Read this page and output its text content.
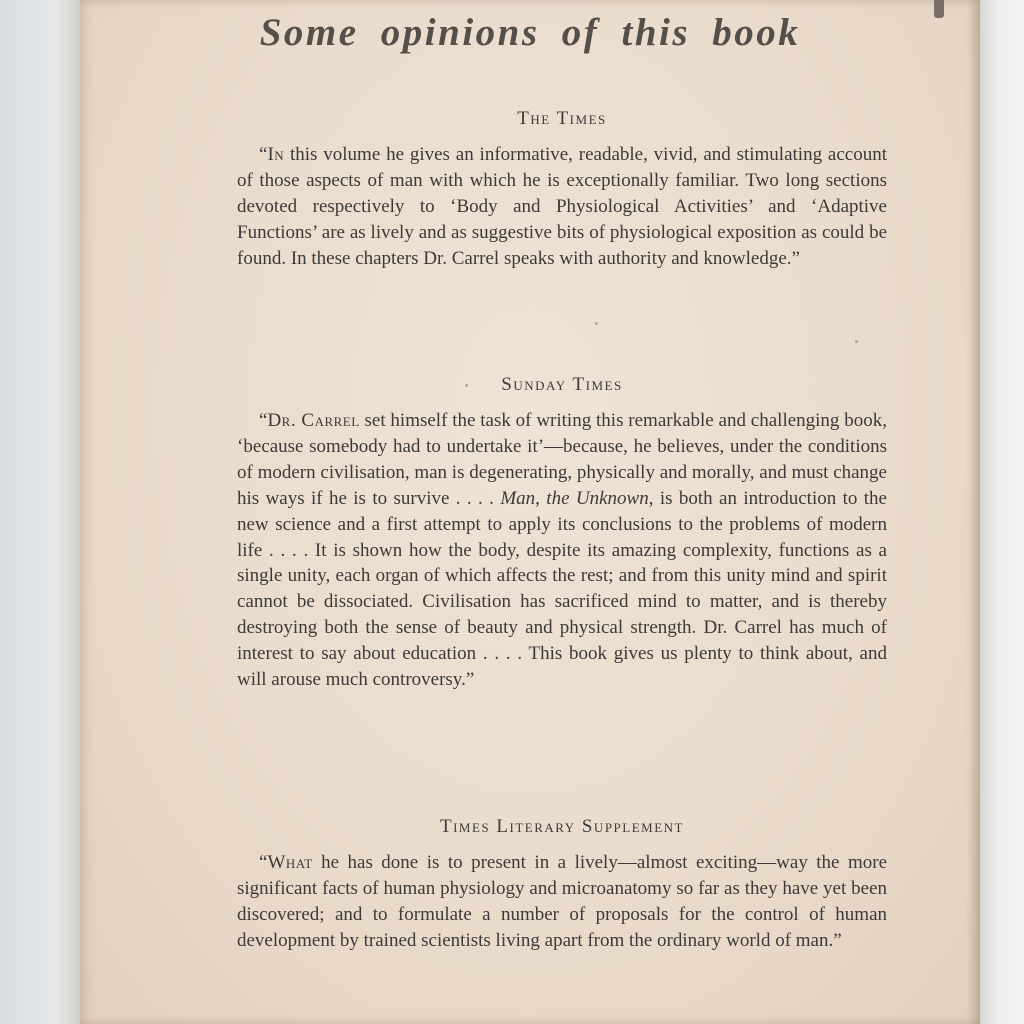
Some opinions of this book
The Times

“In this volume he gives an informative, readable, vivid, and stimulating account of those aspects of man with which he is exceptionally familiar. Two long sections devoted respectively to ‘Body and Physiological Activities’ and ‘Adaptive Functions’ are as lively and as suggestive bits of physiological exposition as could be found. In these chapters Dr. Carrel speaks with authority and knowledge.”

Sunday Times

“Dr. Carrel set himself the task of writing this remarkable and challenging book, ‘because somebody had to undertake it’—because, he believes, under the conditions of modern civilisation, man is degenerating, physically and morally, and must change his ways if he is to survive . . . . Man, the Unknown, is both an introduction to the new science and a first attempt to apply its conclusions to the problems of modern life . . . . It is shown how the body, despite its amazing complexity, functions as a single unity, each organ of which affects the rest; and from this unity mind and spirit cannot be dissociated. Civilisation has sacrificed mind to matter, and is thereby destroying both the sense of beauty and physical strength. Dr. Carrel has much of interest to say about education . . . . This book gives us plenty to think about, and will arouse much controversy.”

Times Literary Supplement

“What he has done is to present in a lively—almost exciting—way the more significant facts of human physiology and microanatomy so far as they have yet been discovered; and to formulate a number of proposals for the control of human development by trained scientists living apart from the ordinary world of man.”
